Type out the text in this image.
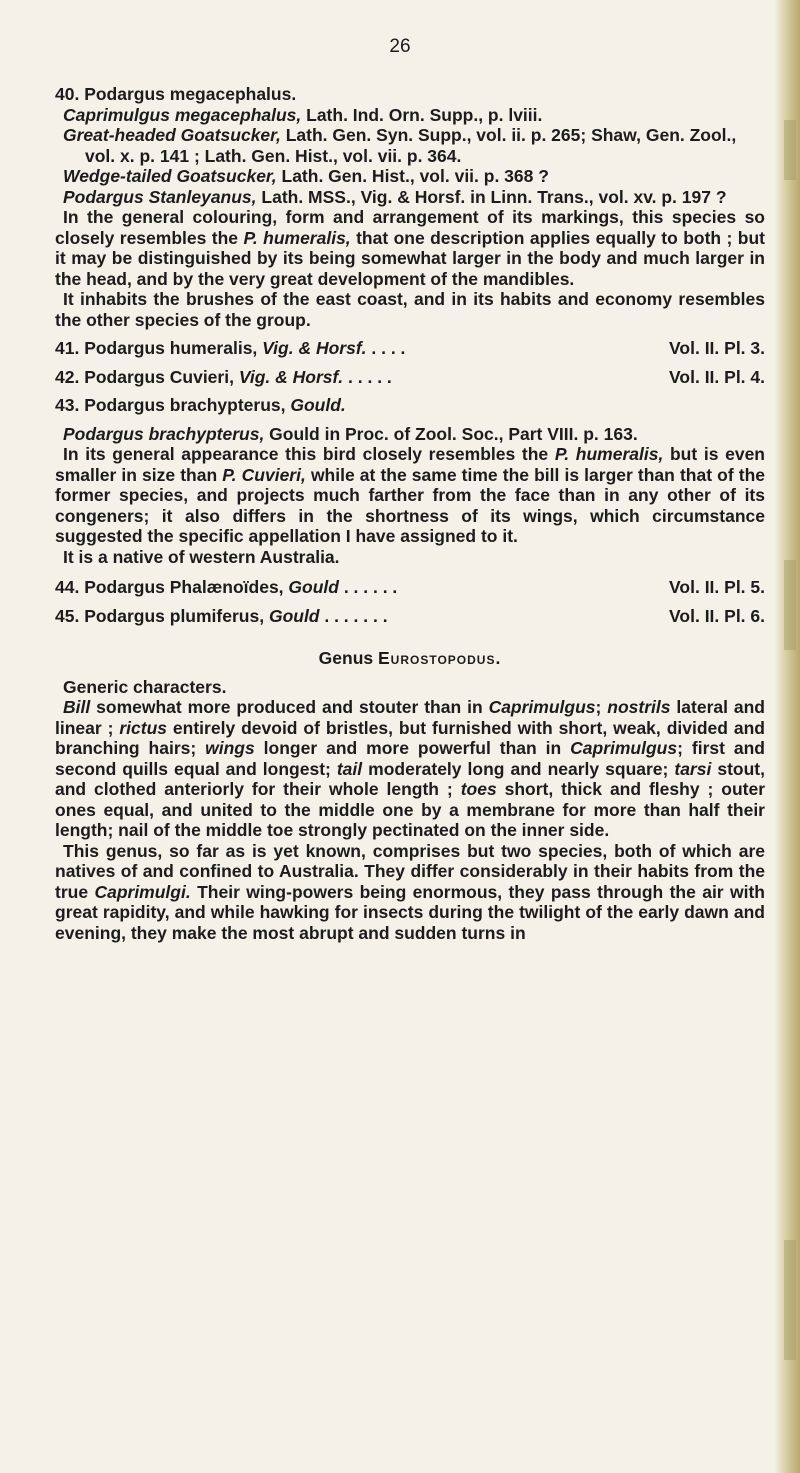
26

40. Podargus megacephalus.

Caprimulgus megacephalus, Lath. Ind. Orn. Supp., p. lviii.

Great-headed Goatsucker, Lath. Gen. Syn. Supp., vol. ii. p. 265; Shaw, Gen. Zool., vol. x. p. 141 ; Lath. Gen. Hist., vol. vii. p. 364.

Wedge-tailed Goatsucker, Lath. Gen. Hist., vol. vii. p. 368 ?

Podargus Stanleyanus, Lath. MSS., Vig. & Horsf. in Linn. Trans., vol. xv. p. 197 ?

In the general colouring, form and arrangement of its markings, this species so closely resembles the P. humeralis, that one description applies equally to both ; but it may be distinguished by its being somewhat larger in the body and much larger in the head, and by the very great development of the mandibles.

It inhabits the brushes of the east coast, and in its habits and economy resembles the other species of the group.

41. Podargus humeralis, Vig. & Horsf. . . . .	Vol. II. Pl. 3.
42. Podargus Cuvieri, Vig. & Horsf. . . . . .	Vol. II. Pl. 4.

43. Podargus brachypterus, Gould.

Podargus brachypterus, Gould in Proc. of Zool. Soc., Part VIII. p. 163.

In its general appearance this bird closely resembles the P. humeralis, but is even smaller in size than P. Cuvieri, while at the same time the bill is larger than that of the former species, and projects much farther from the face than in any other of its congeners; it also differs in the shortness of its wings, which circumstance suggested the specific appellation I have assigned to it.

It is a native of western Australia.

44. Podargus Phalænoïdes, Gould . . . . . .	Vol. II. Pl. 5.
45. Podargus plumiferus, Gould . . . . . . .	Vol. II. Pl. 6.

Genus Eurostopodus.

Generic characters.

Bill somewhat more produced and stouter than in Caprimulgus; nostrils lateral and linear ; rictus entirely devoid of bristles, but furnished with short, weak, divided and branching hairs; wings longer and more powerful than in Caprimulgus; first and second quills equal and longest; tail moderately long and nearly square; tarsi stout, and clothed anteriorly for their whole length ; toes short, thick and fleshy ; outer ones equal, and united to the middle one by a membrane for more than half their length; nail of the middle toe strongly pectinated on the inner side.

This genus, so far as is yet known, comprises but two species, both of which are natives of and confined to Australia. They differ considerably in their habits from the true Caprimulgi. Their wing-powers being enormous, they pass through the air with great rapidity, and while hawking for insects during the twilight of the early dawn and evening, they make the most abrupt and sudden turns in
